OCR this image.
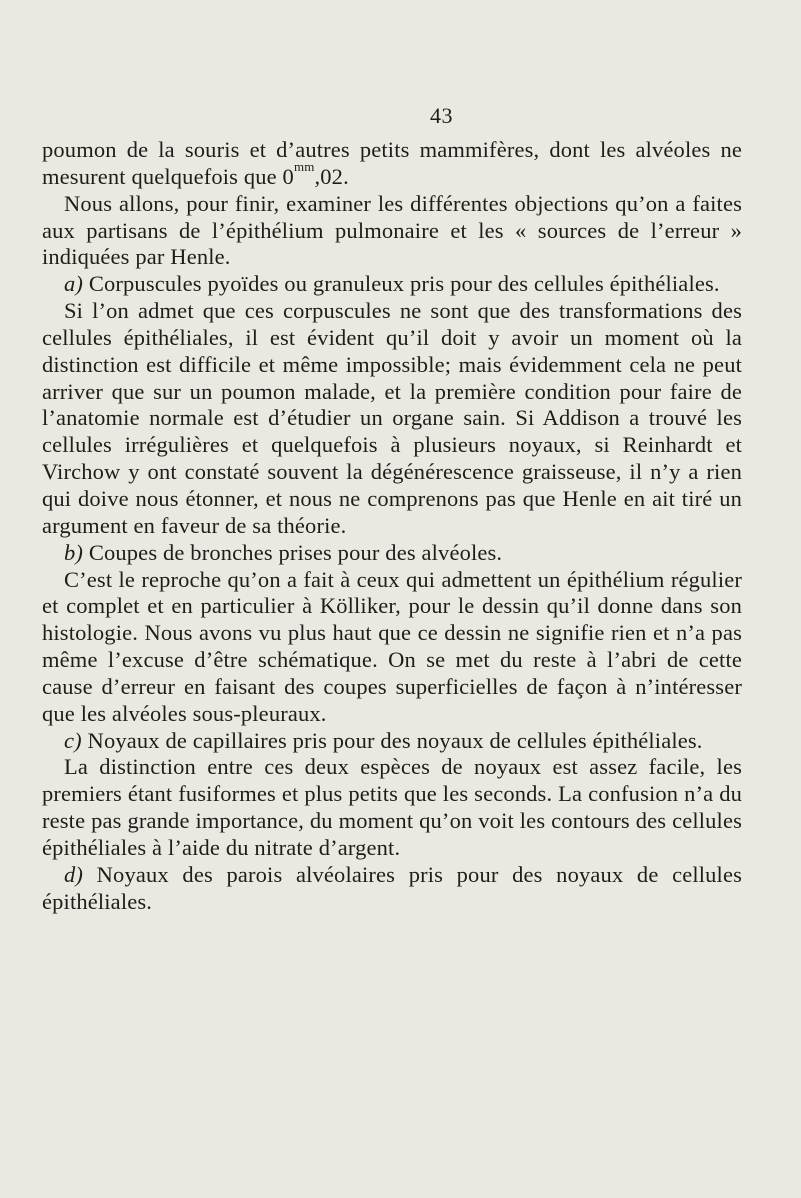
43

poumon de la souris et d’autres petits mammifères, dont les alvéoles ne mesurent quelquefois que $0^{mm},02$.

Nous allons, pour finir, examiner les différentes objections qu’on a faites aux partisans de l’épithélium pulmonaire et les « sources de l’erreur » indiquées par Henle.

a) Corpuscules pyoïdes ou granuleux pris pour des cellules épithéliales.

Si l’on admet que ces corpuscules ne sont que des transformations des cellules épithéliales, il est évident qu’il doit y avoir un moment où la distinction est difficile et même impossible; mais évidemment cela ne peut arriver que sur un poumon malade, et la première condition pour faire de l’anatomie normale est d’étudier un organe sain. Si Addison a trouvé les cellules irrégulières et quelquefois à plusieurs noyaux, si Reinhardt et Virchow y ont constaté souvent la dégénérescence graisseuse, il n’y a rien qui doive nous étonner, et nous ne comprenons pas que Henle en ait tiré un argument en faveur de sa théorie.

b) Coupes de bronches prises pour des alvéoles.

C’est le reproche qu’on a fait à ceux qui admettent un épithélium régulier et complet et en particulier à Kölliker, pour le dessin qu’il donne dans son histologie. Nous avons vu plus haut que ce dessin ne signifie rien et n’a pas même l’excuse d’être schématique. On se met du reste à l’abri de cette cause d’erreur en faisant des coupes superficielles de façon à n’intéresser que les alvéoles sous-pleuraux.

c) Noyaux de capillaires pris pour des noyaux de cellules épithéliales.

La distinction entre ces deux espèces de noyaux est assez facile, les premiers étant fusiformes et plus petits que les seconds. La confusion n’a du reste pas grande importance, du moment qu’on voit les contours des cellules épithéliales à l’aide du nitrate d’argent.

d) Noyaux des parois alvéolaires pris pour des noyaux de cellules épithéliales.
